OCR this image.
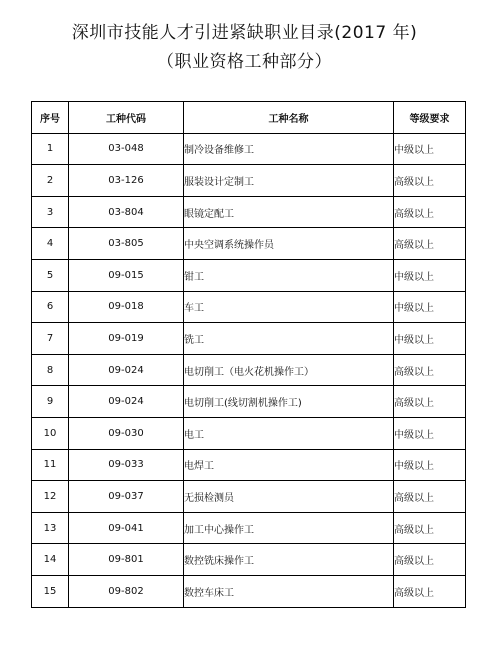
深圳市技能人才引进紧缺职业目录(2017 年)
（职业资格工种部分）
序号	工种代码	工种名称	等级要求
1	03-048	制冷设备维修工	中级以上
2	03-126	服装设计定制工	高级以上
3	03-804	眼镜定配工	高级以上
4	03-805	中央空调系统操作员	高级以上
5	09-015	钳工	中级以上
6	09-018	车工	中级以上
7	09-019	铣工	中级以上
8	09-024	电切削工（电火花机操作工）	高级以上
9	09-024	电切削工(线切割机操作工)	高级以上
10	09-030	电工	中级以上
11	09-033	电焊工	中级以上
12	09-037	无损检测员	高级以上
13	09-041	加工中心操作工	高级以上
14	09-801	数控铣床操作工	高级以上
15	09-802	数控车床工	高级以上
